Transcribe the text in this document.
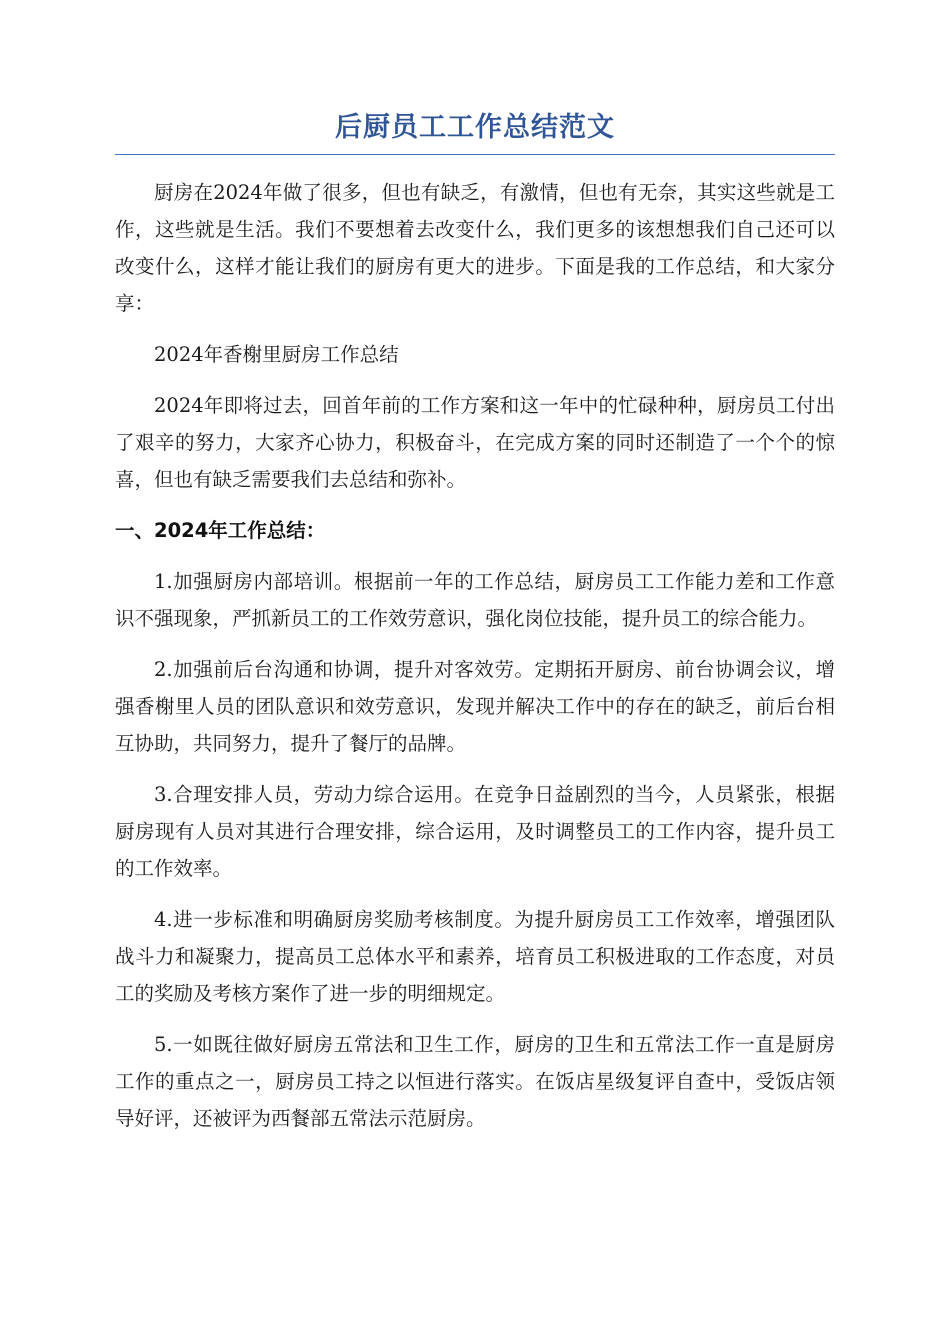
后厨员工工作总结范文

厨房在2024年做了很多，但也有缺乏，有激情，但也有无奈，其实这些就是工作，这些就是生活。我们不要想着去改变什么，我们更多的该想想我们自己还可以改变什么，这样才能让我们的厨房有更大的进步。下面是我的工作总结，和大家分享：

2024年香榭里厨房工作总结

2024年即将过去，回首年前的工作方案和这一年中的忙碌种种，厨房员工付出了艰辛的努力，大家齐心协力，积极奋斗，在完成方案的同时还制造了一个个的惊喜，但也有缺乏需要我们去总结和弥补。

一、2024年工作总结：

1.加强厨房内部培训。根据前一年的工作总结，厨房员工工作能力差和工作意识不强现象，严抓新员工的工作效劳意识，强化岗位技能，提升员工的综合能力。

2.加强前后台沟通和协调，提升对客效劳。定期拓开厨房、前台协调会议，增强香榭里人员的团队意识和效劳意识，发现并解决工作中的存在的缺乏，前后台相互协助，共同努力，提升了餐厅的品牌。

3.合理安排人员，劳动力综合运用。在竞争日益剧烈的当今，人员紧张，根据厨房现有人员对其进行合理安排，综合运用，及时调整员工的工作内容，提升员工的工作效率。

4.进一步标准和明确厨房奖励考核制度。为提升厨房员工工作效率，增强团队战斗力和凝聚力，提高员工总体水平和素养，培育员工积极进取的工作态度，对员工的奖励及考核方案作了进一步的明细规定。

5.一如既往做好厨房五常法和卫生工作，厨房的卫生和五常法工作一直是厨房工作的重点之一，厨房员工持之以恒进行落实。在饭店星级复评自查中，受饭店领导好评，还被评为西餐部五常法示范厨房。
